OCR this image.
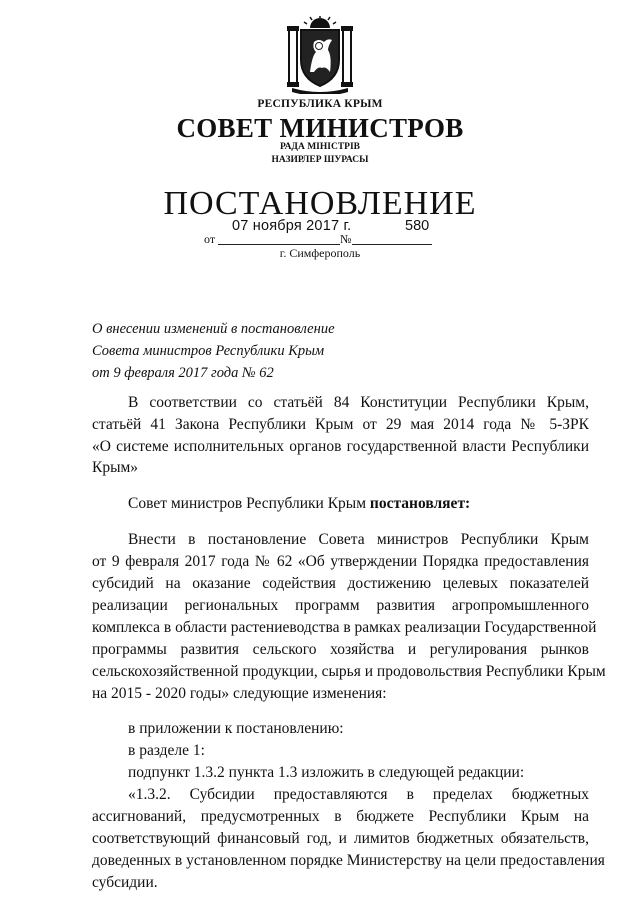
РЕСПУБЛИКА КРЫМ
СОВЕТ МИНИСТРОВ
РАДА МІНІСТРІВ
НАЗИРЛЕР ШУРАСЫ
ПОСТАНОВЛЕНИЕ
от
07 ноября 2017 г.
№
580
г. Симферополь
О внесении изменений в постановление
Совета министров Республики Крым
от 9 февраля 2017 года № 62
В соответствии со статьёй 84 Конституции Республики Крым,
статьёй 41 Закона Республики Крым от 29 мая 2014 года № 5-ЗРК
«О системе исполнительных органов государственной власти Республики
Крым»
Совет министров Республики Крым постановляет:
Внести в постановление Совета министров Республики Крым
от 9 февраля 2017 года № 62 «Об утверждении Порядка предоставления
субсидий на оказание содействия достижению целевых показателей
реализации региональных программ развития агропромышленного
комплекса в области растениеводства в рамках реализации Государственной
программы развития сельского хозяйства и регулирования рынков
сельскохозяйственной продукции, сырья и продовольствия Республики Крым
на 2015 - 2020 годы» следующие изменения:
в приложении к постановлению:
в разделе 1:
подпункт 1.3.2 пункта 1.3 изложить в следующей редакции:
«1.3.2. Субсидии предоставляются в пределах бюджетных
ассигнований, предусмотренных в бюджете Республики Крым на
соответствующий финансовый год, и лимитов бюджетных обязательств,
доведенных в установленном порядке Министерству на цели предоставления
субсидии.
